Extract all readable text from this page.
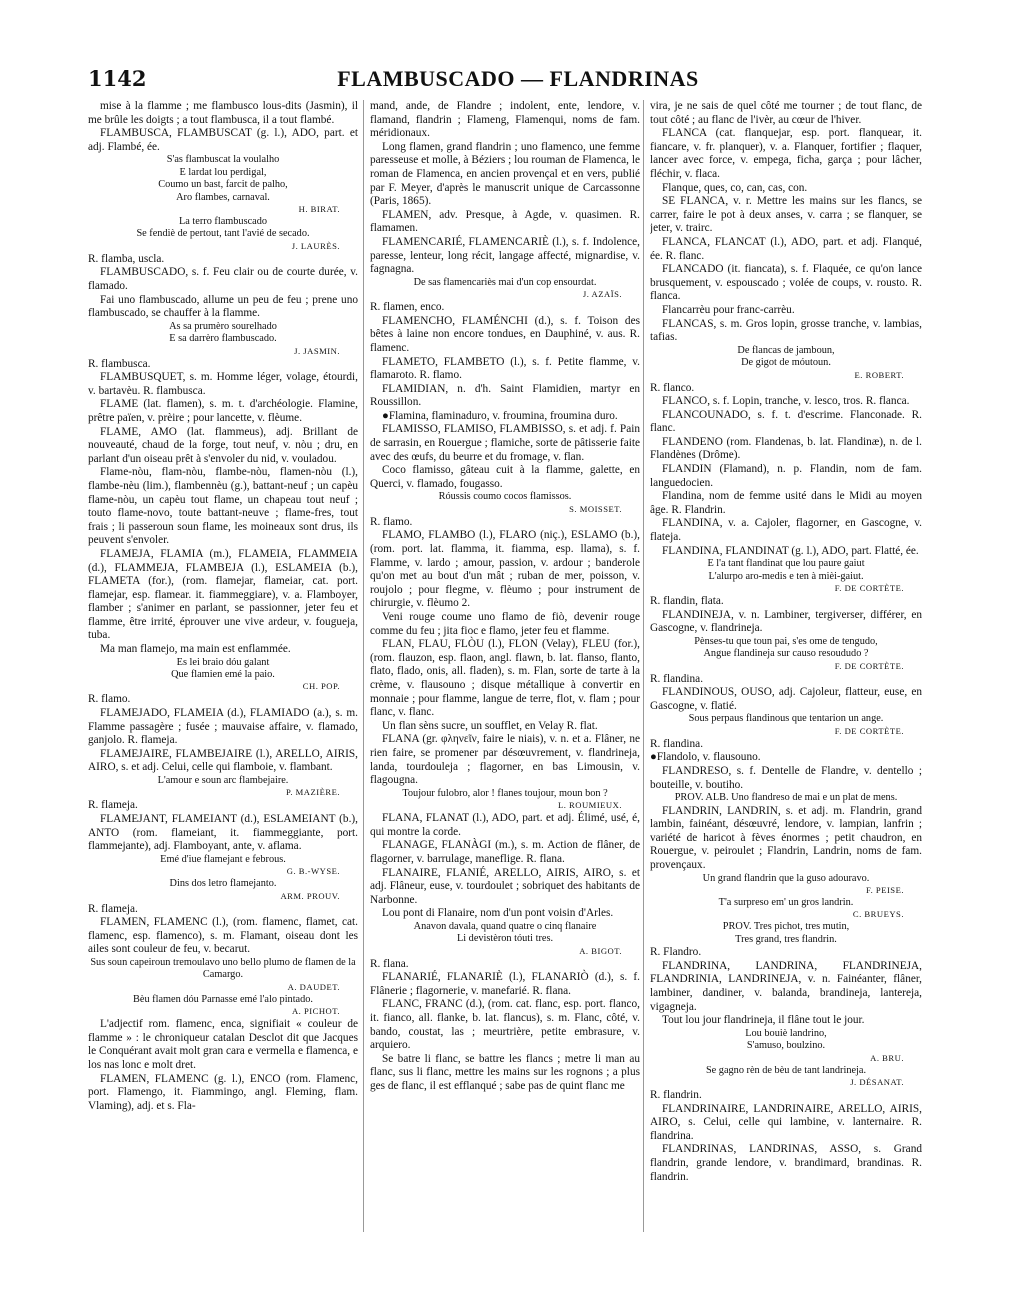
1142	FLAMBUSCADO — FLANDRINAS
mise à la flamme ; me flambusco lous-dits (Jasmin), il me brûle les doigts ; a tout flambusca, il a tout flambé.
FLAMBUSCA, FLAMBUSCAT (g. l.), ADO, part. et adj. Flambé, ée.
S'as flambuscat la voulalho
E lardat lou perdigal,
Coumo un bast, farcit de palho,
Aro flambes, carnaval.
H. BIRAT.
La terro flambuscado
Se fendiè de pertout, tant l'avié de secado.
J. LAURÈS.
R. flamba, uscla.
FLAMBUSCADO, s. f. Feu clair ou de courte durée, v. flamado.
Fai uno flambuscado, allume un peu de feu ; prene uno flambuscado, se chauffer à la flamme.
As sa prumèro sourelhado
E sa darrèro flambuscado.
J. JASMIN.
R. flambusca.
FLAMBUSQUET, s. m. Homme léger, volage, étourdi, v. bartavèu. R. flambusca.
FLAME (lat. flamen), s. m. t. d'archéologie. Flamine, prêtre païen, v. prèire ; pour lancette, v. flèume.
FLAME, AMO (lat. flammeus), adj. Brillant de nouveauté, chaud de la forge, tout neuf, v. nòu ; dru, en parlant d'un oiseau prêt à s'envoler du nid, v. vouladou.
Flame-nòu, flam-nòu, flambe-nòu, flamen-nòu (l.), flambe-nèu (lim.), flambennèu (g.), battant-neuf ; un capèu flame-nòu, un capèu tout flame, un chapeau tout neuf ; touto flame-novo, toute battant-neuve ; flame-fres, tout frais ; li passeroun soun flame, les moineaux sont drus, ils peuvent s'envoler.
FLAMEJA, FLAMIA (m.), FLAMEIA, FLAMMEIA (d.), FLAMMEJA, FLAMBEJA (l.), ESLAMEIA (b.), FLAMETA (for.), (rom. flamejar, flameiar, cat. port. flamejar, esp. flamear. it. fiammeggiare), v. a. Flamboyer, flamber ; s'animer en parlant, se passionner, jeter feu et flamme, être irrité, éprouver une vive ardeur, v. fougueja, tuba.
Ma man flamejo, ma main est enflammée.
Es lei braio dóu galant
Que flamien emé la paio.
CH. POP.
R. flamo.
FLAMEJADO, FLAMEIA (d.), FLAMIADO (a.), s. m. Flamme passagère ; fusée ; mauvaise affaire, v. flamado, ganjolo. R. flameja.
FLAMEJAIRE, FLAMBEJAIRE (l.), ARELLO, AIRIS, AIRO, s. et adj. Celui, celle qui flamboie, v. flambant.
L'amour e soun arc flambejaire.
P. MAZIÈRE.
R. flameja.
FLAMEJANT, FLAMEIANT (d.), ESLAMEIANT (b.), ANTO (rom. flameiant, it. fiammeggiante, port. flammejante), adj. Flamboyant, ante, v. aflama.
Emé d'iue flamejant e febrous.
G. B.-WYSE.
Dins dos letro flamejanto.
ARM. PROUV.
R. flameja.
FLAMEN, FLAMENC (l.), (rom. flamenc, flamet, cat. flamenc, esp. flamenco), s. m. Flamant, oiseau dont les ailes sont couleur de feu, v. becarut.
Sus soun capeiroun tremoulavo uno bello plumo de flamen de la Camargo.
A. DAUDET.
Bèu flamen dóu Parnasse emé l'alo pintado.
A. PICHOT.
L'adjectif rom. flamenc, enca, signifiait « couleur de flamme » : le chroniqueur catalan Desclot dit que Jacques le Conquérant avait molt gran cara e vermella e flamenca, e los nas lonc e molt dret.
FLAMEN, FLAMENC (g. l.), ENCO (rom. Flamenc, port. Flamengo, it. Fiammingo, angl. Fleming, flam. Vlaming), adj. et s. Fla-
mand, ande, de Flandre ; indolent, ente, lendore, v. flamand, flandrin ; Flameng, Flamenqui, noms de fam. méridionaux.
Long flamen, grand flandrin ; uno flamenco, une femme paresseuse et molle, à Béziers ; lou rouman de Flamenca, le roman de Flamenca, en ancien provençal et en vers, publié par F. Meyer, d'après le manuscrit unique de Carcassonne (Paris, 1865).
FLAMEN, adv. Presque, à Agde, v. quasimen. R. flamamen.
FLAMENCARIÉ, FLAMENCARIÈ (l.), s. f. Indolence, paresse, lenteur, long récit, langage affecté, mignardise, v. fagnagna.
De sas flamencariès mai d'un cop ensourdat.
J. AZAÏS.
R. flamen, enco.
FLAMENCHO, FLAMÉNCHI (d.), s. f. Toison des bêtes à laine non encore tondues, en Dauphiné, v. aus. R. flamenc.
FLAMETO, FLAMBETO (l.), s. f. Petite flamme, v. flamaroto. R. flamo.
FLAMIDIAN, n. d'h. Saint Flamidien, martyr en Roussillon.
●Flamina, flaminaduro, v. froumina, froumina duro.
FLAMISSO, FLAMISO, FLAMBISSO, s. et adj. f. Pain de sarrasin, en Rouergue ; flamiche, sorte de pâtisserie faite avec des œufs, du beurre et du fromage, v. flan.
Coco flamisso, gâteau cuit à la flamme, galette, en Querci, v. flamado, fougasso.
Róussis coumo cocos flamissos.
S. MOISSET.
R. flamo.
FLAMO, FLAMBO (l.), FLARO (niç.), ESLAMO (b.), (rom. port. lat. flamma, it. fiamma, esp. llama), s. f. Flamme, v. lardo ; amour, passion, v. ardour ; banderole qu'on met au bout d'un mât ; ruban de mer, poisson, v. roujolo ; pour flegme, v. flèumo ; pour instrument de chirurgie, v. flèumo 2.
Veni rouge coume uno flamo de fiò, devenir rouge comme du feu ; jita fioc e flamo, jeter feu et flamme.
FLAN, FLAU, FLÒU (l.), FLON (Velay), FLEU (for.), (rom. flauzon, esp. flaon, angl. flawn, b. lat. flanso, flanto, flato, flado, onis, all. fladen), s. m. Flan, sorte de tarte à la crème, v. flausouno ; disque métallique à convertir en monnaie ; pour flamme, langue de terre, flot, v. flam ; pour flanc, v. flanc.
Un flan sèns sucre, un soufflet, en Velay R. flat.
FLANA (gr. φληνεῖν, faire le niais), v. n. et a. Flâner, ne rien faire, se promener par désœuvrement, v. flandrineja, landa, tourdouleja ; flagorner, en bas Limousin, v. flagougna.
Toujour fulobro, alor ! flanes toujour, moun bon ?
L. ROUMIEUX.
FLANA, FLANAT (l.), ADO, part. et adj. Élimé, usé, é, qui montre la corde.
FLANAGE, FLANÀGI (m.), s. m. Action de flâner, de flagorner, v. barrulage, maneflige. R. flana.
FLANAIRE, FLANIÉ, ARELLO, AIRIS, AIRO, s. et adj. Flâneur, euse, v. tourdoulet ; sobriquet des habitants de Narbonne.
Lou pont di Flanaire, nom d'un pont voisin d'Arles.
Anavon davala, quand quatre o cinq flanaire
Li devistèron tóuti tres.
A. BIGOT.
R. flana.
FLANARIÉ, FLANARIÈ (l.), FLANARIÒ (d.), s. f. Flânerie ; flagornerie, v. manefarié. R. flana.
FLANC, FRANC (d.), (rom. cat. flanc, esp. port. flanco, it. fianco, all. flanke, b. lat. flancus), s. m. Flanc, côté, v. bando, coustat, las ; meurtrière, petite embrasure, v. arquiero.
Se batre li flanc, se battre les flancs ; metre li man au flanc, sus li flanc, mettre les mains sur les rognons ; a plus ges de flanc, il est efflanqué ; sabe pas de quint flanc me
vira, je ne sais de quel côté me tourner ; de tout flanc, de tout côté ; au flanc de l'ivèr, au cœur de l'hiver.
FLANCA (cat. flanquejar, esp. port. flanquear, it. fiancare, v. fr. planquer), v. a. Flanquer, fortifier ; flaquer, lancer avec force, v. empega, ficha, garça ; pour lâcher, fléchir, v. flaca.
Flanque, ques, co, can, cas, con.
SE FLANCA, v. r. Mettre les mains sur les flancs, se carrer, faire le pot à deux anses, v. carra ; se flanquer, se jeter, v. trairc.
FLANCA, FLANCAT (l.), ADO, part. et adj. Flanqué, ée. R. flanc.
FLANCADO (it. fiancata), s. f. Flaquée, ce qu'on lance brusquement, v. espouscado ; volée de coups, v. rousto. R. flanca.
Flancarrèu pour franc-carrèu.
FLANCAS, s. m. Gros lopin, grosse tranche, v. lambias, tafias.
De flancas de jamboun,
De gigot de móutoun.
E. ROBERT.
R. flanco.
FLANCO, s. f. Lopin, tranche, v. lesco, tros. R. flanca.
FLANCOUNADO, s. f. t. d'escrime. Flanconade. R. flanc.
FLANDENO (rom. Flandenas, b. lat. Flandinæ), n. de l. Flandènes (Drôme).
FLANDIN (Flamand), n. p. Flandin, nom de fam. languedocien.
Flandina, nom de femme usité dans le Midi au moyen âge. R. Flandrin.
FLANDINA, v. a. Cajoler, flagorner, en Gascogne, v. flateja.
FLANDINA, FLANDINAT (g. l.), ADO, part. Flatté, ée.
E l'a tant flandinat que lou paure gaiut
L'alurpo aro-medis e ten à mièi-gaiut.
F. DE CORTÈTE.
R. flandin, flata.
FLANDINEJA, v. n. Lambiner, tergiverser, différer, en Gascogne, v. flandrineja.
Pènses-tu que toun pai, s'es ome de tengudo,
Angue flandineja sur causo resoududo ?
F. DE CORTÈTE.
R. flandina.
FLANDINOUS, OUSO, adj. Cajoleur, flatteur, euse, en Gascogne, v. flatié.
Sous perpaus flandinous que tentarion un ange.
F. DE CORTÈTE.
R. flandina.
●Flandolo, v. flausouno.
FLANDRESO, s. f. Dentelle de Flandre, v. dentello ; bouteille, v. boutiho.
PROV. ALB. Uno flandreso de mai e un plat de mens.
FLANDRIN, LANDRIN, s. et adj. m. Flandrin, grand lambin, fainéant, désœuvré, lendore, v. lampian, lanfrin ; variété de haricot à fèves énormes ; petit chaudron, en Rouergue, v. peiroulet ; Flandrin, Landrin, noms de fam. provençaux.
Un grand flandrin que la guso adouravo.
F. PEISE.
T'a surpreso em' un gros landrin.
C. BRUEYS.
PROV. Tres pichot, tres mutin,
Tres grand, tres flandrin.
R. Flandro.
FLANDRINA, LANDRINA, FLANDRINEJA, FLANDRINIA, LANDRINEJA, v. n. Fainéanter, flâner, lambiner, dandiner, v. balanda, brandineja, lantereja, vigagneja.
Tout lou jour flandrineja, il flâne tout le jour.
Lou bouiè landrino,
S'amuso, boulzino.
A. BRU.
Se gagno rèn de bèu de tant landrineja.
J. DÉSANAT.
R. flandrin.
FLANDRINAIRE, LANDRINAIRE, ARELLO, AIRIS, AIRO, s. Celui, celle qui lambine, v. lanternaire. R. flandrina.
FLANDRINAS, LANDRINAS, ASSO, s. Grand flandrin, grande lendore, v. brandimard, brandinas. R. flandrin.
